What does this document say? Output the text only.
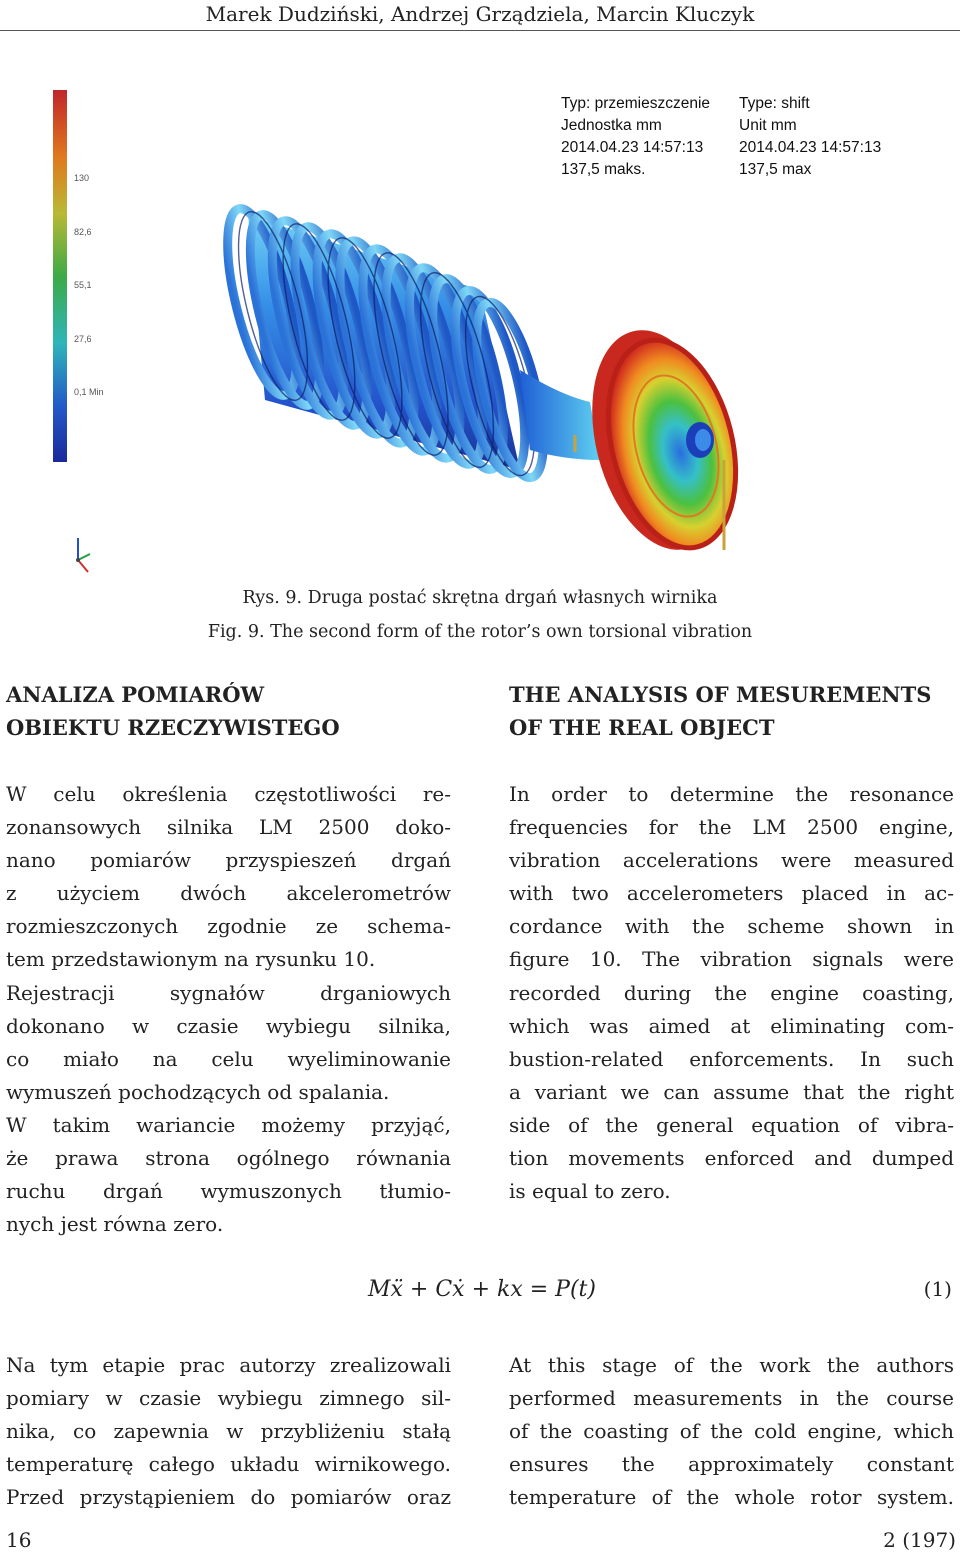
Marek Dudziński, Andrzej Grządziela, Marcin Kluczyk
Typ: przemieszczenie
Jednostka mm
2014.04.23 14:57:13
137,5 maks.
Type: shift
Unit mm
2014.04.23 14:57:13
137,5 max
130
82,6
55,1
27,6
0,1 Min
Rys. 9. Druga postać skrętna drgań własnych wirnika
Fig. 9. The second form of the rotor’s own torsional vibration

ANALIZA POMIARÓW

OBIEKTU RZECZYWISTEGO

THE ANALYSIS OF MESUREMENTS

OF THE REAL OBJECT

W celu określenia częstotliwości re-
zonansowych silnika LM 2500 doko-
nano pomiarów przyspieszeń drgań
z użyciem dwóch akcelerometrów
rozmieszczonych zgodnie ze schema-
tem przedstawionym na rysunku 10.
Rejestracji sygnałów drganiowych
dokonano w czasie wybiegu silnika,
co miało na celu wyeliminowanie
wymuszeń pochodzących od spalania.
W takim wariancie możemy przyjąć,
że prawa strona ogólnego równania
ruchu drgań wymuszonych tłumio-
nych jest równa zero.
In order to determine the resonance
frequencies for the LM 2500 engine,
vibration accelerations were measured
with two accelerometers placed in ac-
cordance with the scheme shown in
figure 10. The vibration signals were
recorded during the engine coasting,
which was aimed at eliminating com-
bustion-related enforcements. In such
a variant we can assume that the right
side of the general equation of vibra-
tion movements enforced and dumped
is equal to zero.
Mẍ + Cẋ + kx = P(t)	(1)
Na tym etapie prac autorzy zrealizowali
pomiary w czasie wybiegu zimnego sil-
nika, co zapewnia w przybliżeniu stałą
temperaturę całego układu wirnikowego.
Przed przystąpieniem do pomiarów oraz
At this stage of the work the authors
performed measurements in the course
of the coasting of the cold engine, which
ensures the approximately constant
temperature of the whole rotor system.
16	2 (197)
